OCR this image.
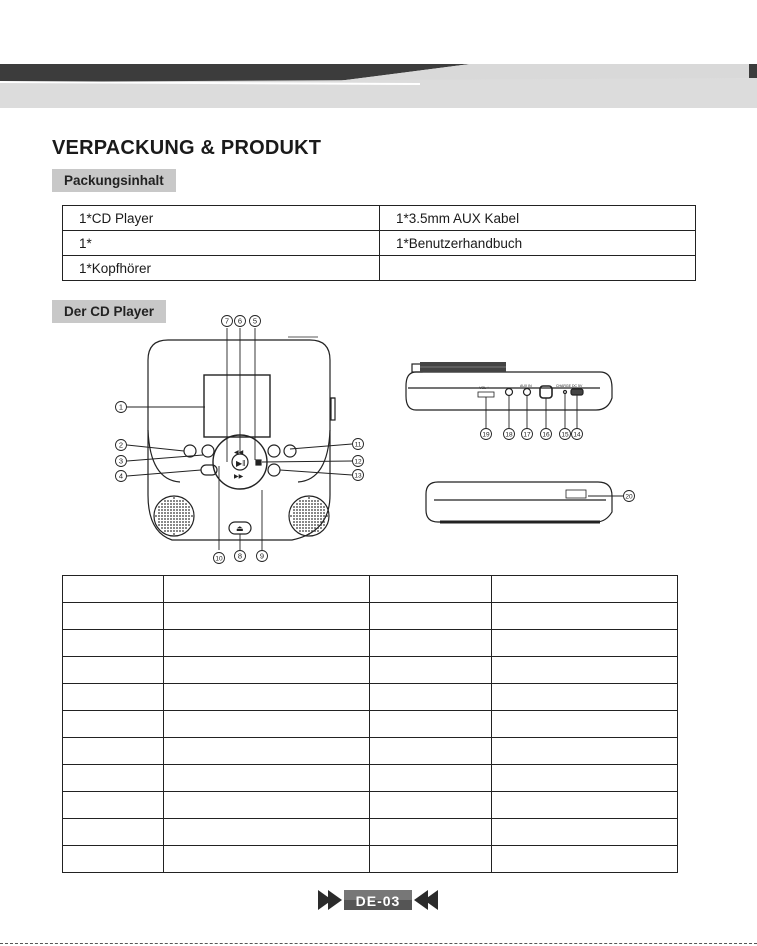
VERPACKUNG & PRODUKT
Packungsinhalt
1*CD Player	1*3.5mm AUX Kabel
1*	1*Benutzerhandbuch
1*Kopfhörer	
Der CD Player
▶‖
◀◀
▶▶
⏏
- VOL +	AUX IN	CHARGE DC 5V
1
2
3
4
5
6
7
8 9
10
11
12
13
14
15
16
17
18
19
20

DE-03
